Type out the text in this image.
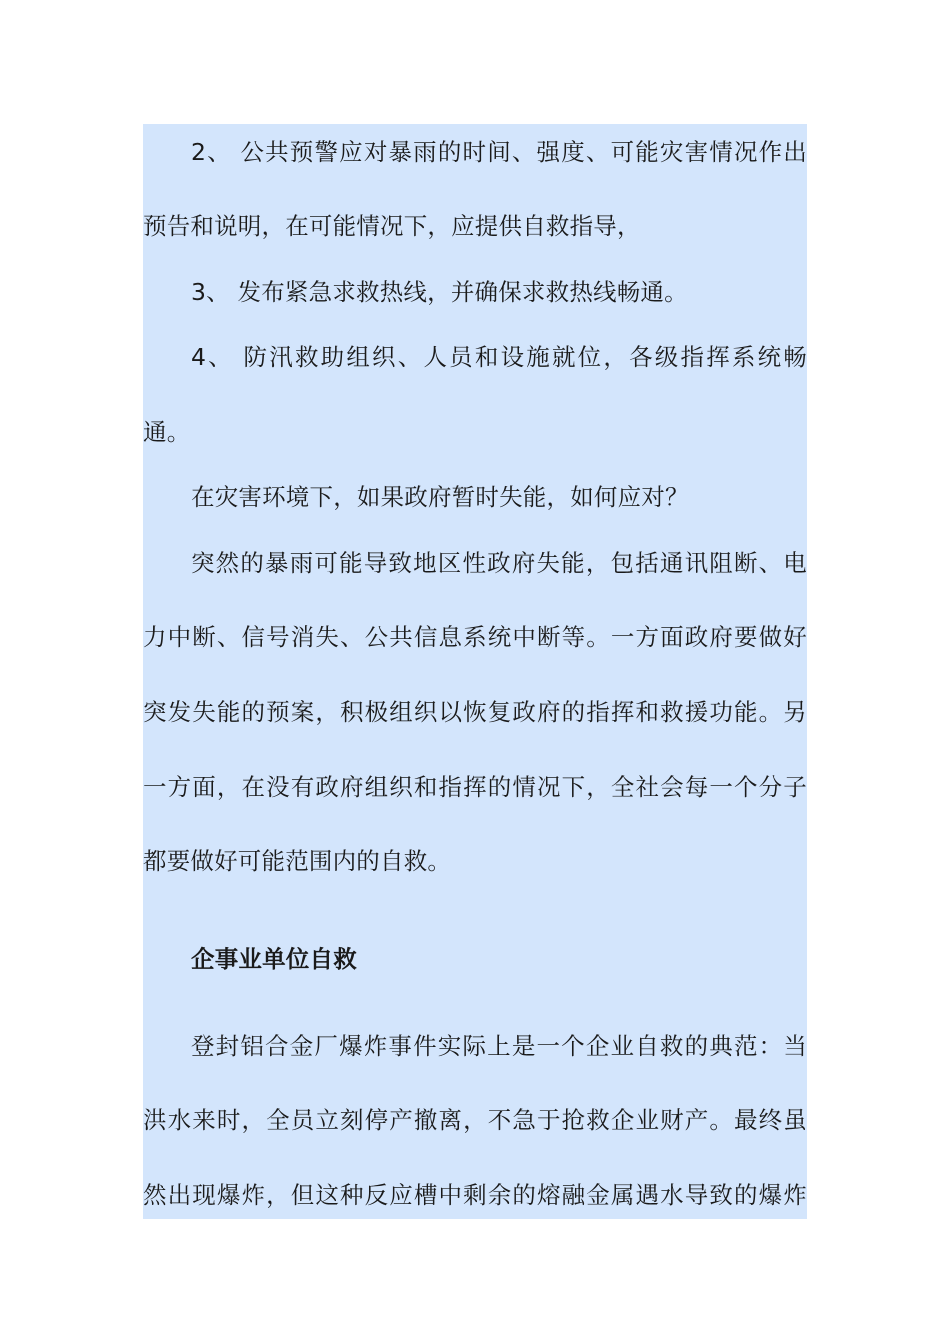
2、 公共预警应对暴雨的时间、强度、可能灾害情况作出
预告和说明，在可能情况下，应提供自救指导，
3、 发布紧急求救热线，并确保求救热线畅通。
4、 防汛救助组织、人员和设施就位，各级指挥系统畅
通。
在灾害环境下，如果政府暂时失能，如何应对？
突然的暴雨可能导致地区性政府失能，包括通讯阻断、电
力中断、信号消失、公共信息系统中断等。一方面政府要做好
突发失能的预案，积极组织以恢复政府的指挥和救援功能。另
一方面，在没有政府组织和指挥的情况下，全社会每一个分子
都要做好可能范围内的自救。
企事业单位自救
登封铝合金厂爆炸事件实际上是一个企业自救的典范：当
洪水来时，全员立刻停产撤离，不急于抢救企业财产。最终虽
然出现爆炸，但这种反应槽中剩余的熔融金属遇水导致的爆炸
